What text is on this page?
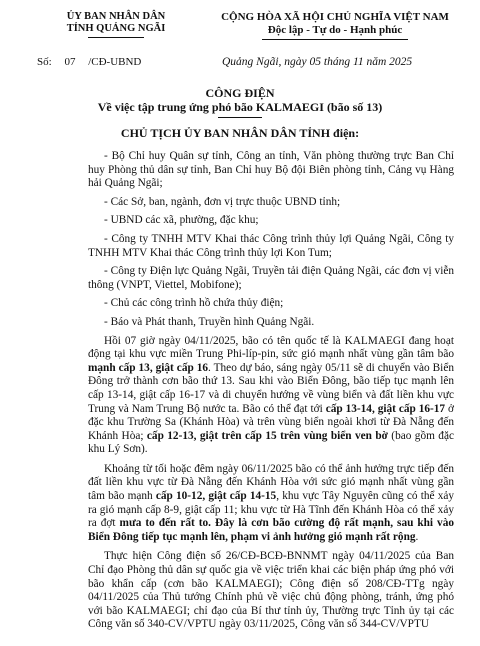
ỦY BAN NHÂN DÂN
TỈNH QUẢNG NGÃI
CỘNG HÒA XÃ HỘI CHỦ NGHĨA VIỆT NAM
Độc lập - Tự do - Hạnh phúc
Số: 07 /CĐ-UBND	Quảng Ngãi, ngày 05 tháng 11 năm 2025
CÔNG ĐIỆN
Về việc tập trung ứng phó bão KALMAEGI (bão số 13)
CHỦ TỊCH ỦY BAN NHÂN DÂN TỈNH điện:

- Bộ Chỉ huy Quân sự tỉnh, Công an tỉnh, Văn phòng thường trực Ban Chỉ huy Phòng thủ dân sự tỉnh, Ban Chỉ huy Bộ đội Biên phòng tỉnh, Cảng vụ Hàng hải Quảng Ngãi;

- Các Sở, ban, ngành, đơn vị trực thuộc UBND tỉnh;

- UBND các xã, phường, đặc khu;

- Công ty TNHH MTV Khai thác Công trình thủy lợi Quảng Ngãi, Công ty TNHH MTV Khai thác Công trình thủy lợi Kon Tum;

- Công ty Điện lực Quảng Ngãi, Truyền tải điện Quảng Ngãi, các đơn vị viễn thông (VNPT, Viettel, Mobifone);

- Chủ các công trình hồ chứa thủy điện;

- Báo và Phát thanh, Truyền hình Quảng Ngãi.

Hồi 07 giờ ngày 04/11/2025, bão có tên quốc tế là KALMAEGI đang hoạt động tại khu vực miền Trung Phi-líp-pin, sức gió mạnh nhất vùng gần tâm bão mạnh cấp 13, giật cấp 16. Theo dự báo, sáng ngày 05/11 sẽ di chuyển vào Biển Đông trở thành cơn bão thứ 13. Sau khi vào Biển Đông, bão tiếp tục mạnh lên cấp 13-14, giật cấp 16-17 và di chuyển hướng về vùng biển và đất liền khu vực Trung và Nam Trung Bộ nước ta. Bão có thể đạt tới cấp 13-14, giật cấp 16-17 ở đặc khu Trường Sa (Khánh Hòa) và trên vùng biển ngoài khơi từ Đà Nẵng đến Khánh Hòa; cấp 12-13, giật trên cấp 15 trên vùng biển ven bờ (bao gồm đặc khu Lý Sơn).

Khoảng từ tối hoặc đêm ngày 06/11/2025 bão có thể ảnh hưởng trực tiếp đến đất liền khu vực từ Đà Nẵng đến Khánh Hòa với sức gió mạnh nhất vùng gần tâm bão mạnh cấp 10-12, giật cấp 14-15, khu vực Tây Nguyên cũng có thể xảy ra gió mạnh cấp 8-9, giật cấp 11; khu vực từ Hà Tĩnh đến Khánh Hòa có thể xảy ra đợt mưa to đến rất to. Đây là cơn bão cường độ rất mạnh, sau khi vào Biển Đông tiếp tục mạnh lên, phạm vi ảnh hưởng gió mạnh rất rộng.

Thực hiện Công điện số 26/CĐ-BCĐ-BNNMT ngày 04/11/2025 của Ban Chỉ đạo Phòng thủ dân sự quốc gia về việc triển khai các biện pháp ứng phó với bão khẩn cấp (cơn bão KALMAEGI); Công điện số 208/CĐ-TTg ngày 04/11/2025 của Thủ tướng Chính phủ về việc chủ động phòng, tránh, ứng phó với bão KALMAEGI; chỉ đạo của Bí thư tỉnh ủy, Thường trực Tỉnh ủy tại các Công văn số 340-CV/VPTU ngày 03/11/2025, Công văn số 344-CV/VPTU
